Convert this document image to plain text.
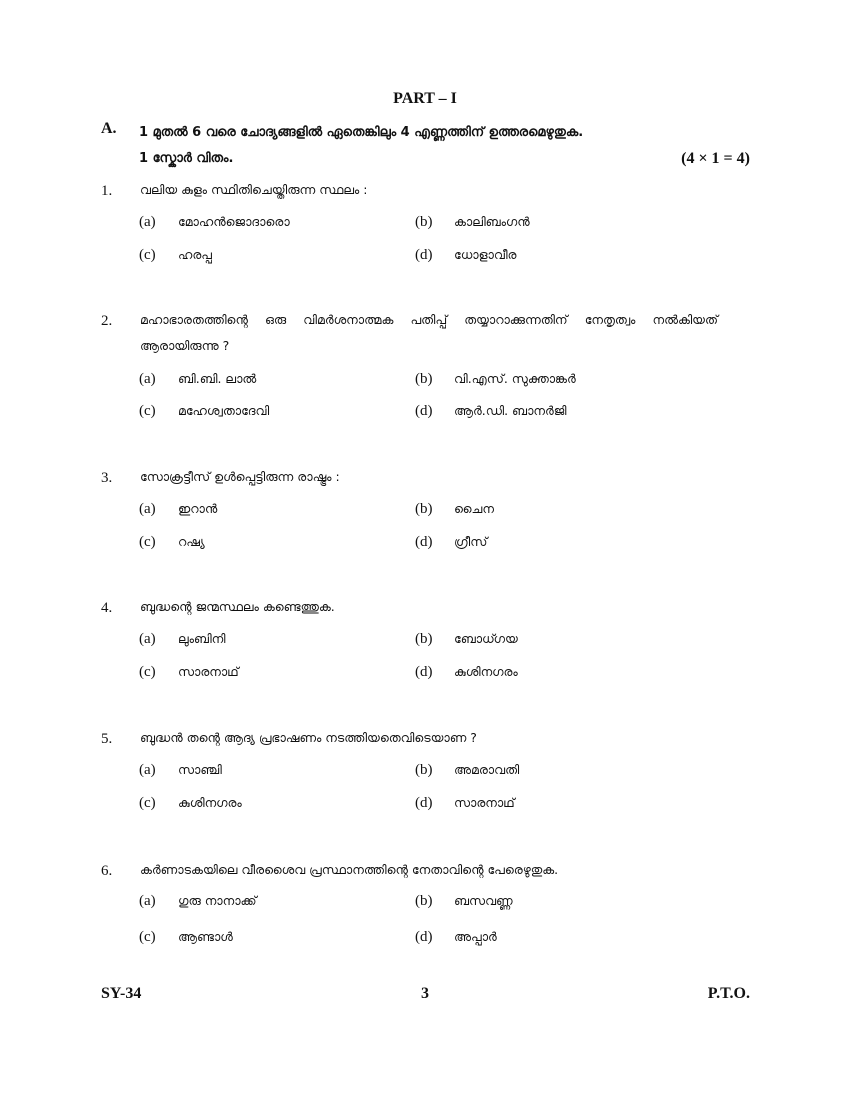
PART – I
A. 1 മുതൽ 6 വരെ ചോദ്യങ്ങളിൽ ഏതെങ്കിലും 4 എണ്ണത്തിന് ഉത്തരമെഴുതുക.
1 സ്കോർ വിതം.	(4 × 1 = 4)
1. വലിയ കുളം സ്ഥിതിചെയ്തിരുന്ന സ്ഥലം :
(a) മോഹൻജൊദാരൊ	(b) കാലിബംഗൻ
(c) ഹരപ്പ	(d) ധോളാവീര
2. മഹാഭാരതത്തിന്റെ ഒരു വിമർശനാത്മക പതിപ്പ് തയ്യാറാക്കുന്നതിന് നേതൃത്വം നൽകിയത് ആരായിരുന്നു ?
(a) ബി.ബി. ലാൽ	(b) വി.എസ്. സുക്താങ്കർ
(c) മഹേശ്വതാദേവി	(d) ആർ.ഡി. ബാനർജി
3. സോക്രട്ടീസ് ഉൾപ്പെട്ടിരുന്ന രാഷ്ട്രം :
(a) ഇറാൻ	(b) ചൈന
(c) റഷ്യ	(d) ഗ്രീസ്
4. ബുദ്ധന്റെ ജന്മസ്ഥലം കണ്ടെത്തുക.
(a) ലുംബിനി	(b) ബോധ്ഗയ
(c) സാരനാഥ്	(d) കുശിനഗരം
5. ബുദ്ധൻ തന്റെ ആദ്യ പ്രഭാഷണം നടത്തിയതെവിടെയാണ ?
(a) സാഞ്ചി	(b) അമരാവതി
(c) കുശിനഗരം	(d) സാരനാഥ്
6. കർണാടകയിലെ വീരശൈവ പ്രസ്ഥാനത്തിന്റെ നേതാവിന്റെ പേരെഴുതുക.
(a) ഗുരു നാനാക്ക്	(b) ബസവണ്ണ
(c) ആണ്ടാൾ	(d) അപ്പാർ
SY-34	3	P.T.O.
